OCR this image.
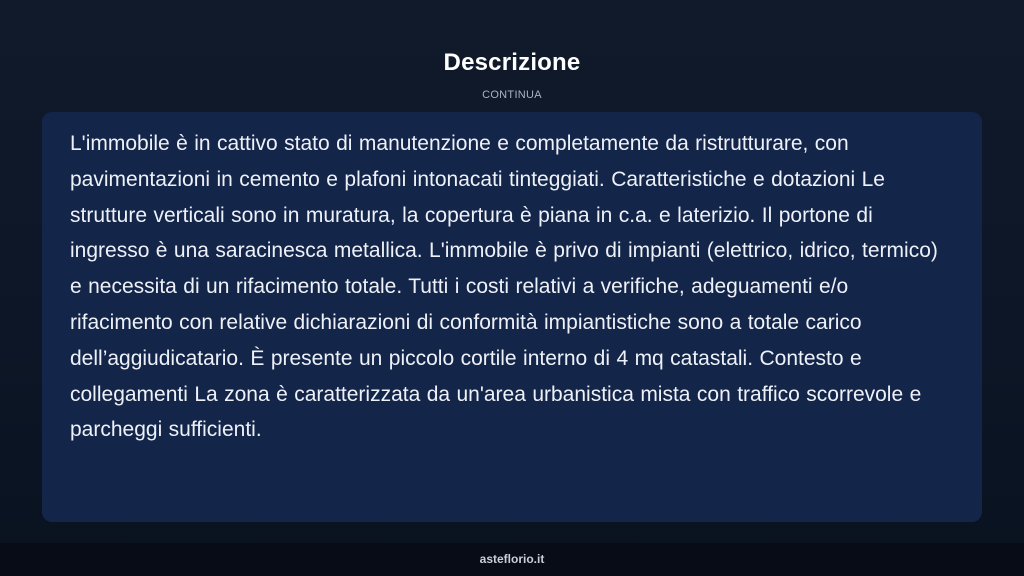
Descrizione
CONTINUA

L'immobile è in cattivo stato di manutenzione e completamente da ristrutturare, con pavimentazioni in cemento e plafoni intonacati tinteggiati. Caratteristiche e dotazioni Le strutture verticali sono in muratura, la copertura è piana in c.a. e laterizio. Il portone di ingresso è una saracinesca metallica. L'immobile è privo di impianti (elettrico, idrico, termico) e necessita di un rifacimento totale. Tutti i costi relativi a verifiche, adeguamenti e/o rifacimento con relative dichiarazioni di conformità impiantistiche sono a totale carico dell’aggiudicatario. È presente un piccolo cortile interno di 4 mq catastali. Contesto e collegamenti La zona è caratterizzata da un'area urbanistica mista con traffico scorrevole e parcheggi sufficienti.

asteflorio.it
